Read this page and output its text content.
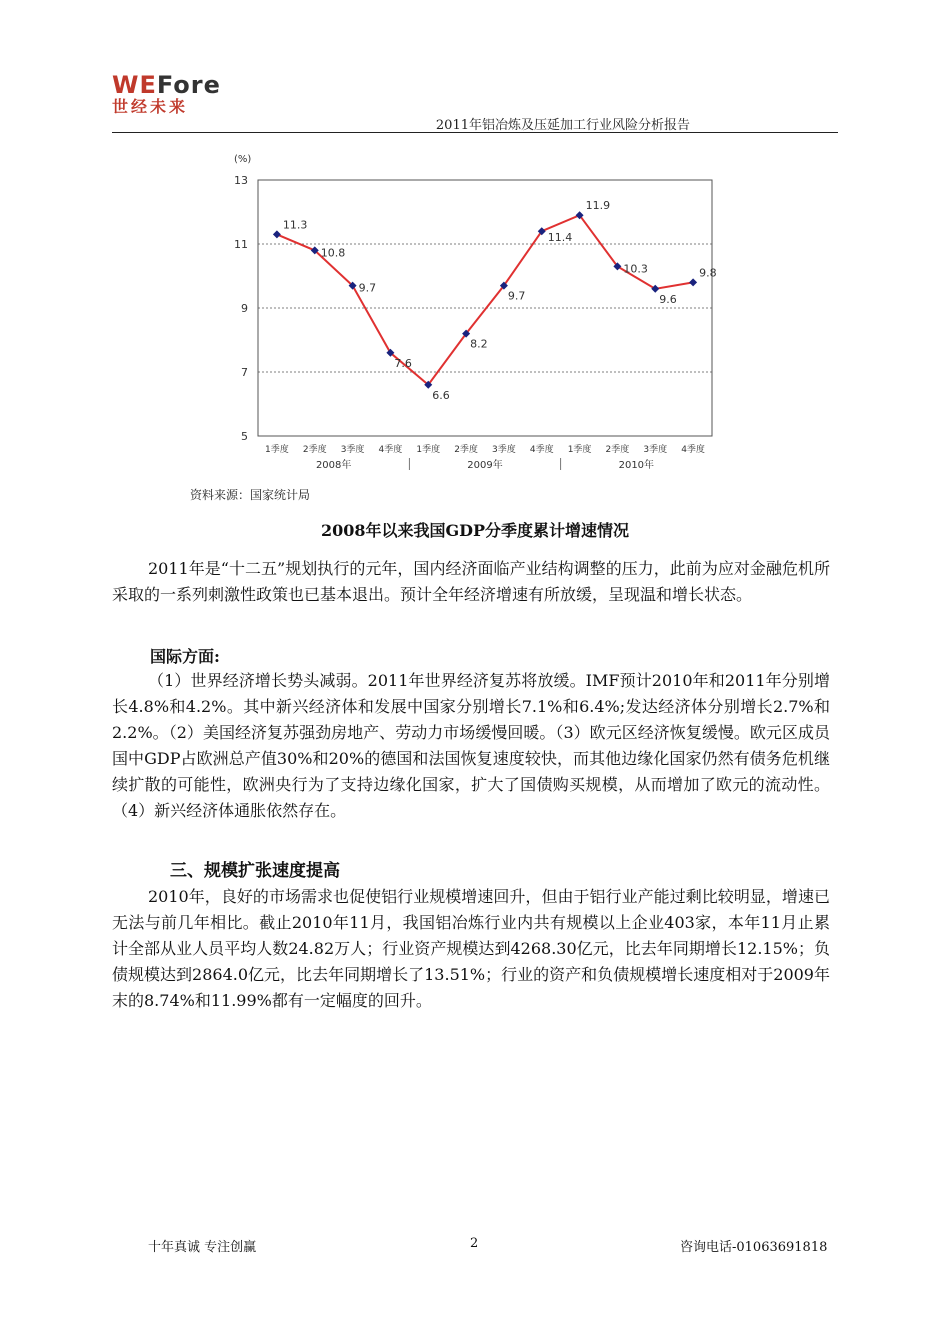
WEFore
世经未来
2011年铝冶炼及压延加工行业风险分析报告
5
7
9
11
13
(%)
1季度 2季度 3季度 4季度 1季度 2季度 3季度 4季度 1季度 2季度 3季度 4季度
2008年	2009年	2010年
11.3
10.8
9.7
7.6
6.6
8.2
9.7
11.4
11.9
10.3
9.6
9.8
资料来源：国家统计局
2008年以来我国GDP分季度累计增速情况
2011年是“十二五”规划执行的元年，国内经济面临产业结构调整的压力，此前为应对金融危机所采取的一系列刺激性政策也已基本退出。预计全年经济增速有所放缓，呈现温和增长状态。
国际方面:
（1）世界经济增长势头减弱。2011年世界经济复苏将放缓。IMF预计2010年和2011年分别增长4.8%和4.2%。其中新兴经济体和发展中国家分别增长7.1%和6.4%;发达经济体分别增长2.7%和2.2%。（2）美国经济复苏强劲房地产、劳动力市场缓慢回暖。（3）欧元区经济恢复缓慢。欧元区成员国中GDP占欧洲总产值30%和20%的德国和法国恢复速度较快，而其他边缘化国家仍然有债务危机继续扩散的可能性，欧洲央行为了支持边缘化国家，扩大了国债购买规模，从而增加了欧元的流动性。（4）新兴经济体通胀依然存在。
三、规模扩张速度提高
2010年，良好的市场需求也促使铝行业规模增速回升，但由于铝行业产能过剩比较明显，增速已无法与前几年相比。截止2010年11月，我国铝冶炼行业内共有规模以上企业403家，本年11月止累计全部从业人员平均人数24.82万人；行业资产规模达到4268.30亿元，比去年同期增长12.15%；负债规模达到2864.0亿元，比去年同期增长了13.51%；行业的资产和负债规模增长速度相对于2009年末的8.74%和11.99%都有一定幅度的回升。
十年真诚 专注创赢	2	咨询电话-01063691818
